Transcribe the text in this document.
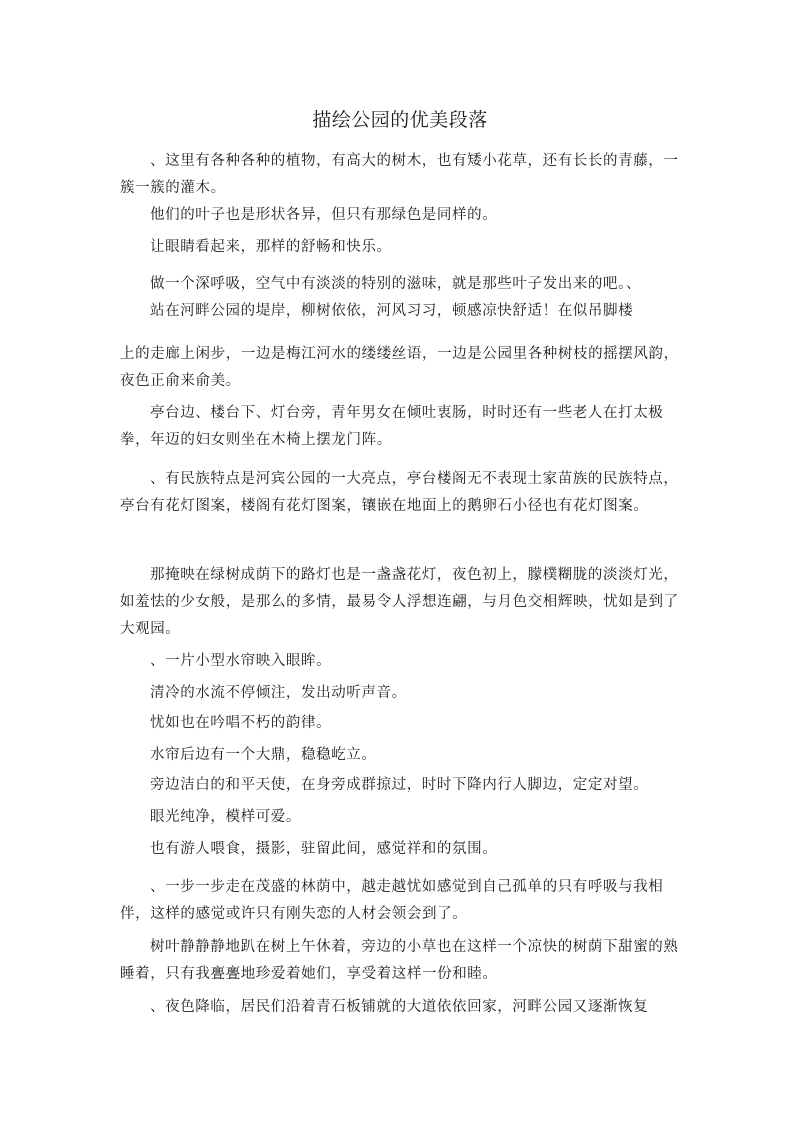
描绘公园的优美段落

、这里有各种各种的植物，有高大的树木，也有矮小花草，还有长长的青藤，一簇一簇的灌木。

他们的叶子也是形状各异，但只有那绿色是同样的。

让眼睛看起来，那样的舒畅和快乐。

做一个深呼吸，空气中有淡淡的特别的滋味，就是那些叶子发出来的吧。、

站在河畔公园的堤岸，柳树依依，河风习习，顿感凉快舒适！在似吊脚楼

上的走廊上闲步，一边是梅江河水的缕缕丝语，一边是公园里各种树枝的摇摆风韵，夜色正俞来俞美。

亭台边、楼台下、灯台旁，青年男女在倾吐衷肠，时时还有一些老人在打太极拳，年迈的妇女则坐在木椅上摆龙门阵。

、有民族特点是河宾公园的一大亮点，亭台楼阁无不表现土家苗族的民族特点，亭台有花灯图案，楼阁有花灯图案，镶嵌在地面上的鹅卵石小径也有花灯图案。

那掩映在绿树成荫下的路灯也是一盏盏花灯，夜色初上，朦樸糊胧的淡淡灯光，如羞怯的少女般，是那么的多情，最易令人浮想连翩，与月色交相辉映，忧如是到了大观园。

、一片小型水帘映入眼眸。

清冷的水流不停倾注，发出动听声音。

忧如也在吟唱不朽的韵律。

水帘后边有一个大鼎，稳稳屹立。

旁边洁白的和平天使，在身旁成群掠过，时时下降内行人脚边，定定对望。

眼光纯净，模样可爱。

也有游人喂食，摄影，驻留此间，感觉祥和的氛围。

、一步一步走在茂盛的林荫中，越走越忧如感觉到自己孤单的只有呼吸与我相伴，这样的感觉或许只有刚失恋的人材会领会到了。

树叶静静静地趴在树上午休着，旁边的小草也在这样一个凉快的树荫下甜蜜的熟睡着，只有我亹亹地珍爱着她们，享受着这样一份和睦。

、夜色降临，居民们沿着青石板铺就的大道依依回家，河畔公园又逐渐恢复
